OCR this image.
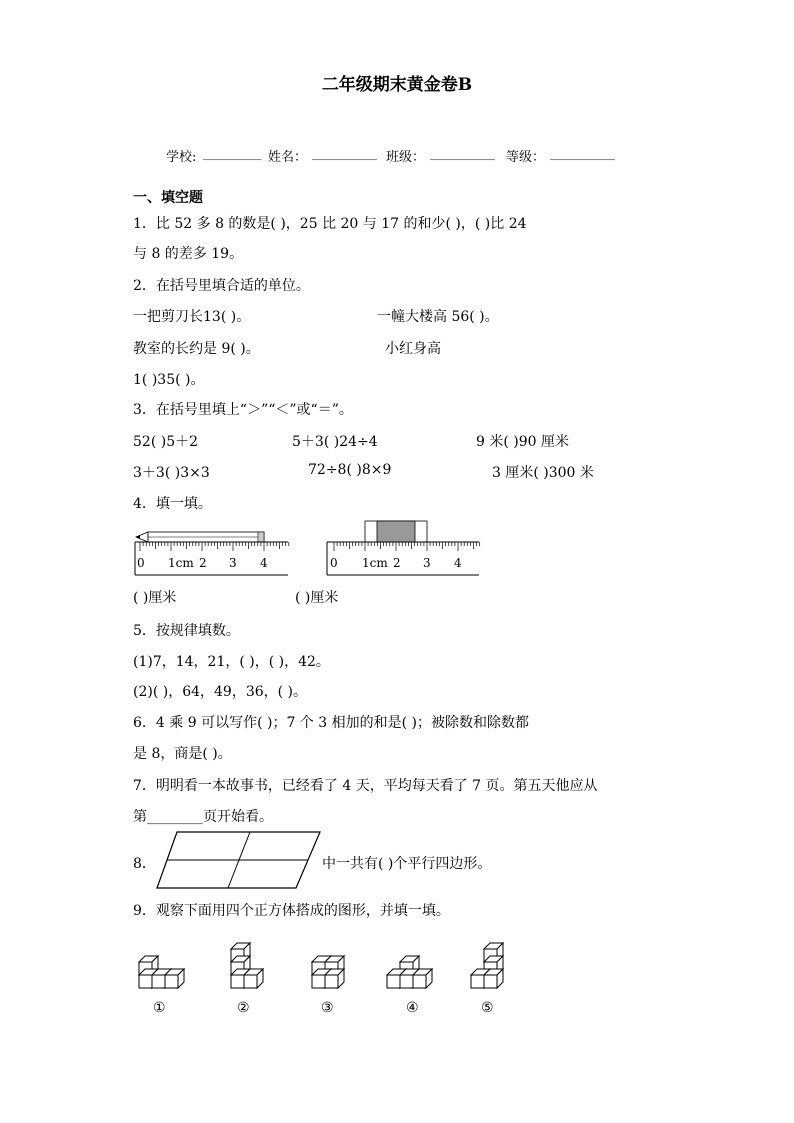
二年级期末黄金卷B
学校: _________ 姓名： __________ 班级： __________ 等级： __________
一、填空题
1．比 52 多 8 的数是( )，25 比 20 与 17 的和少( )，( )比 24
与 8 的差多 19。
2．在括号里填合适的单位。
一把剪刀长13( )。	一幢大楼高 56( )。
教室的长约是 9( )。	小红身高
1( )35( )。
3．在括号里填上“＞”“＜”或“＝”。
52( )5＋2	5＋3( )24÷4	9 米( )90 厘米
3＋3( )3×3	72÷8( )8×9	3 厘米( )300 米
4．填一填。
0 1cm 2 3 4	0 1cm 2 3 4
( )厘米	( )厘米
5．按规律填数。
(1)7，14，21，( )，( )，42。
(2)( )，64，49，36，( )。
6．4 乘 9 可以写作( )；7 个 3 相加的和是( )；被除数和除数都
是 8，商是( )。
7．明明看一本故事书，已经看了 4 天，平均每天看了 7 页。第五天他应从
第________页开始看。
8．	中一共有( )个平行四边形。
9．观察下面用四个正方体搭成的图形，并填一填。
①	②	③	④	⑤
